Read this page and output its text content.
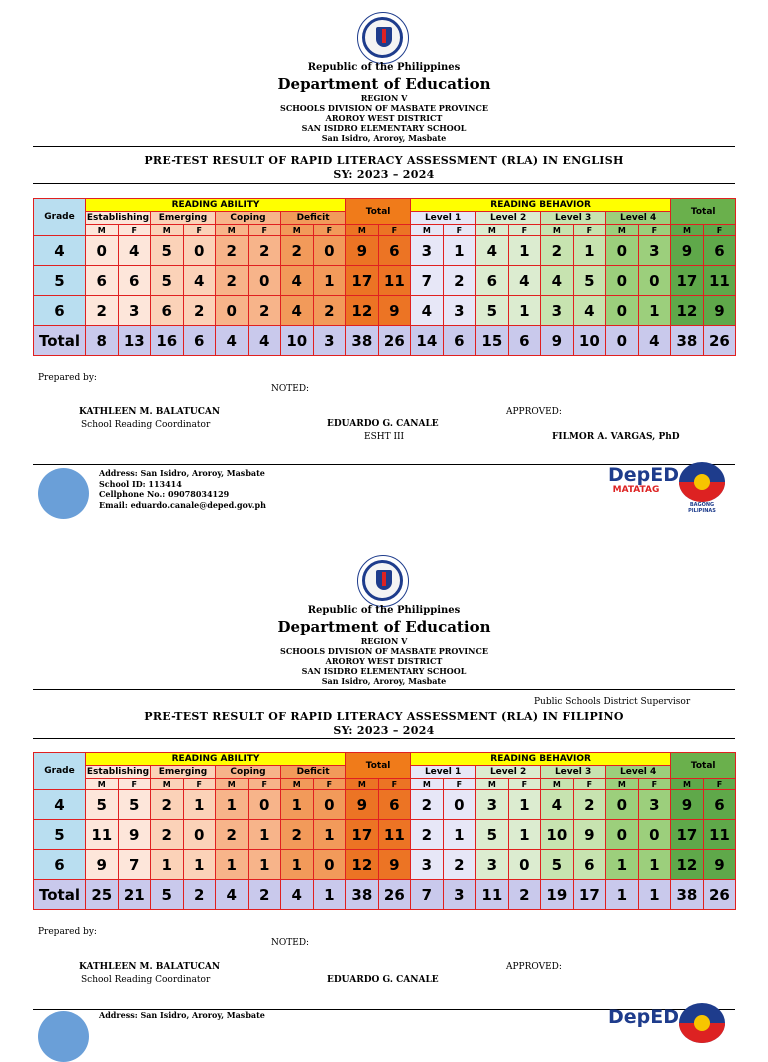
Republic of the Philippines
Department of Education
REGION V
SCHOOLS DIVISION OF MASBATE PROVINCE
AROROY WEST DISTRICT
SAN ISIDRO ELEMENTARY SCHOOL
San Isidro, Aroroy, Masbate
PRE-TEST RESULT OF RAPID LITERACY ASSESSMENT (RLA) IN ENGLISH
SY: 2023 – 2024
Grade	READING ABILITY								Total		READING BEHAVIOR								Total	
	Establishing		Emerging		Coping		Deficit				Level 1		Level 2		Level 3		Level 4			
	M	F	M	F	M	F	M	F	M	F	M	F	M	F	M	F	M	F	M	F
4	0	4	5	0	2	2	2	0	9	6	3	1	4	1	2	1	0	3	9	6
5	6	6	5	4	2	0	4	1	17	11	7	2	6	4	4	5	0	0	17	11
6	2	3	6	2	0	2	4	2	12	9	4	3	5	1	3	4	0	1	12	9
Total	8	13	16	6	4	4	10	3	38	26	14	6	15	6	9	10	0	4	38	26
Prepared by:
NOTED:
KATHLEEN M. BALATUCAN
School Reading Coordinator	EDUARDO G. CANALE
ESHT III
APPROVED:
FILMOR A. VARGAS, PhD
Address: San Isidro, Aroroy, Masbate
School ID: 113414
Cellphone No.: 09078034129
Email: eduardo.canale@deped.gov.ph
DepED
MATATAG
BAGONG PILIPINAS
Republic of the Philippines
Department of Education
REGION V
SCHOOLS DIVISION OF MASBATE PROVINCE
AROROY WEST DISTRICT
SAN ISIDRO ELEMENTARY SCHOOL
San Isidro, Aroroy, Masbate
Public Schools District Supervisor
PRE-TEST RESULT OF RAPID LITERACY ASSESSMENT (RLA) IN FILIPINO
SY: 2023 – 2024
Grade	READING ABILITY								Total		READING BEHAVIOR								Total	
	Establishing		Emerging		Coping		Deficit				Level 1		Level 2		Level 3		Level 4			
	M	F	M	F	M	F	M	F	M	F	M	F	M	F	M	F	M	F	M	F
4	5	5	2	1	1	0	1	0	9	6	2	0	3	1	4	2	0	3	9	6
5	11	9	2	0	2	1	2	1	17	11	2	1	5	1	10	9	0	0	17	11
6	9	7	1	1	1	1	1	0	12	9	3	2	3	0	5	6	1	1	12	9
Total	25	21	5	2	4	2	4	1	38	26	7	3	11	2	19	17	1	1	38	26
Prepared by:
NOTED:
KATHLEEN M. BALATUCAN
School Reading Coordinator	EDUARDO G. CANALE
APPROVED:
Address: San Isidro, Aroroy, Masbate	DepED
